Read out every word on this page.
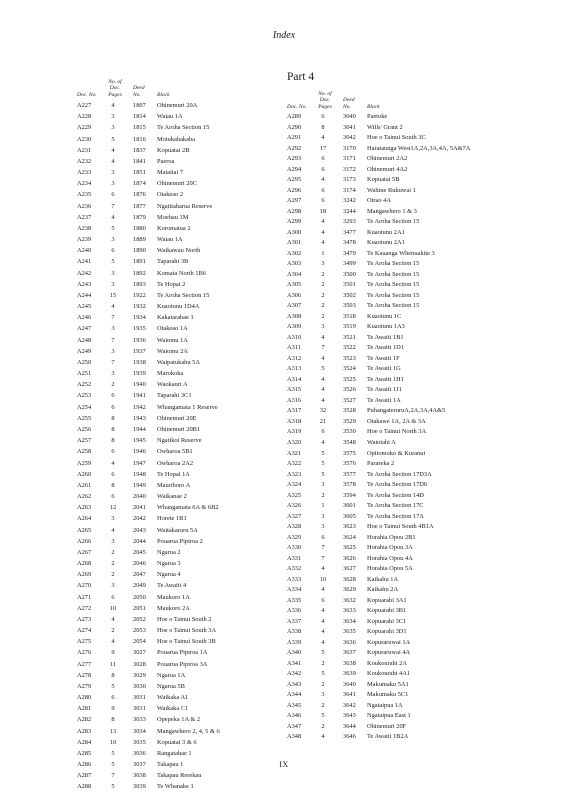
Index
Doc. No.
No. of Doc. Pages
Deed No.	Block
A227	4	1807 Ohinemuri 20A
A228	3	1814 Waiau 1A
A229	3	1815 Te Aroha Section 15
A230	5	1816 Motukahakaha
A231	4	1837 Kopuatai 2B
A232	4	1841 Paeroa
A233	3	1851 Mataitai 7
A234	3	1874 Ohinemuri 20C
A235	6	1876 Otakeao 2
A236	7	1877 Ngatitaharua Reserve
A237	4	1879 Moehau 1M
A238	5	1880 Koromatua 2
A239	3	1889 Waiau 1A
A240	6	1890 Waikawau North
A241	5	1891 Taparahi 3B
A242	3	1892 Komata North 1B6
A243	3	1893 Te Hopai 2
A244	15	1922 Te Aroha Section 15
A245	4	1932 Kuaotunu 1D4A
A246	7	1934 Kakatarahae 1
A247	3	1935 Otakeao 1A
A248	7	1936 Waiomu 1A
A249	3	1937 Waiomu 2A
A250	7	1938 Waipatukahu 5A
A251	3	1939 Marokoka
A252	2	1940 Waokauri A
A253	6	1941 Taparahi 3C1
A254	6	1942 Whangamata 1 Reserve
A255	8	1943 Ohinemuri 20E
A256	8	1944 Ohinemuri 20B1
A257	8	1945 Ngatikoi Reserve
A258	6	1946 Owharoa 5B1
A259	4	1947 Owharoa 2A2
A260	6	1948 Te Hopai 1A
A261	8	1949 Maurihoro A
A262	6	2040 Waikanae 2
A263	12	2041 Whangamata 6A & 6B2
A264	3	2042 Horete 1B1
A265	4	2043 Waitakaruru 5A
A266	3	2044 Pouarua Pipiroa 2
A267	2	2045 Ngarua 2
A268	2	2046 Ngarua 3
A269	2	2047 Ngarua 4
A270	3	2049 Te Awaiti 4
A271	6	2050 Maukoro 1A
A272	10	2051 Maukoro 2A
A273	4	2052 Hoe o Tainui South 2
A274	2	2053 Hoe o Tainui South 3A
A275	4	2054 Hoe o Tainui South 3B
A276	9	3027 Pouarua Pipiroa 1A
A277	11	3028 Pouarua Pipiroa 3A
A278	8	3029 Ngarua 1A
A279	5	3030 Ngarua 5B
A280	6	3031 Waikaka A1
A281	9	3031 Waikaka C1
A282	8	3033 Opepeka 1A & 2
A283	13	3034 Mangawhero 2, 4, 5 & 6
A284	10	3035 Kopuatai 3 & 6
A285	5	3036 Rangatahae 1
A286	5	3037 Takapau 1
A287	7	3038 Takapau Rerekau
A288	5	3039 Te Whanake 1
Part 4
Doc. No.
No. of Doc. Pages
Deed No.	Block
A289	6	3040 Paetoke
A290	8	3041 Wills' Grant 2
A291	4	3042 Hoe o Tainui South 3C
A292	17	3170 Harataunga West1A,2A,3A,4A, 5A&7A
A293	6	3171 Ohinemuri 2A2
A294	6	3172 Ohinemuri 4A2
A295	4	3173 Kopuatai 5B
A296	6	3174 Wahine Rukuwai 1
A297	6	3242 Otrao 4A
A298	18	3244 Mangawhero 1 & 3
A299	4	3293 Te Aroha Section 15
A300	4	3477 Kuaotunu 2A1
A301	4	3478 Kuaotunu 2A1
A302	1	3479 Te Kauanga Whenuakite 3
A303	3	3499 Te Aroha Section 15
A304	2	3500 Te Aroha Section 15
A305	2	3501 Te Aroha Section 15
A306	2	3502 Te Aroha Section 15
A307	2	3503 Te Aroha Section 15
A308	2	3518 Kuaotunu 1C
A309	3	3519 Kuaotunu 1A3
A310	4	3521 Te Awaiti 1B1
A311	7	3522 Te Awaiti 1D1
A312	4	3523 Te Awaiti 1F
A313	5	3524 Te Awaiti 1G
A314	4	3525 Te Awaiti 1H1
A315	4	3526 Te Awaiti 1J1
A316	4	3527 Te Awaiti 1A
A317	32	3528 PuhangateruruA,2A,3A,4A&5
A318	21	3529 Otakawe 1A, 2A & 3A
A319	6	3530 Hoe o Tainui North 3A
A320	4	3548 Waiotahi A
A321	5	3575 Opitomoko & Kuranui
A322	5	3576 Parareka 2
A323	5	3577 Te Aroha Section 17D3A
A324	3	3578 Te Aroha Section 17D6
A325	2	3594 Te Aroha Section 14D
A326	1	3601 Te Aroha Section 17C
A327	3	3605 Te Aroha Section 17A
A328	3	3623 Hoe o Tainui South 4B1A
A329	6	3624 Horahia Opou 2B1
A330	7	3625 Horahia Opou 3A
A331	7	3626 Horahia Opou 4A
A332	4	3627 Horahia Opou 5A
A333	10	3628 Kaikahu 1A
A334	4	3629 Kaikahu 2A
A335	6	3632 Kopuarahi 3A1
A336	4	3633 Kopuarahi 3B1
A337	4	3634 Kopuarahi 3C1
A338	4	3635 Kopuarahi 3D1
A339	4	3636 Kopuraruwai 1A
A340	5	3637 Kopuraruwai 4A
A341	2	3638 Koukourahi 2A
A342	5	3639 Koukourahi 4A1
A343	2	3640 Makumaku 5A1
A344	3	3641 Makumaku 5C1
A345	2	3642 Ngataipua 1A
A346	5	3643 Ngataipua East 1
A347	2	3644 Ohinemuri 20F
A348	4	3646 Te Awaiti 1B2A
IX
